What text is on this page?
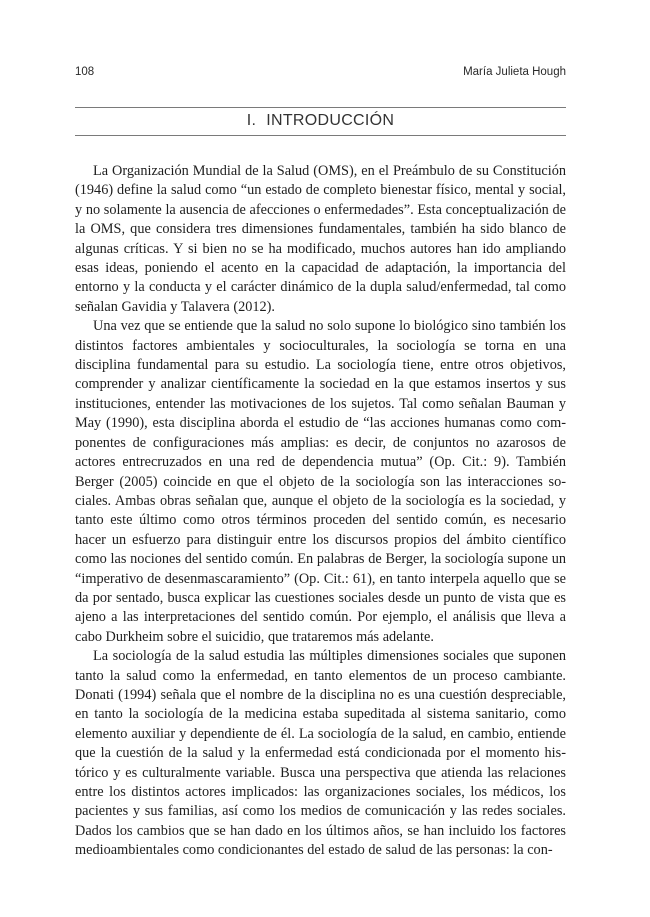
108	María Julieta Hough
I. INTRODUCCIÓN

La Organización Mundial de la Salud (OMS), en el Preámbulo de su Constitución (1946) define la salud como “un estado de completo bienestar físico, mental y social, y no solamente la ausencia de afecciones o enfermedades”. Esta conceptualización de la OMS, que considera tres dimensiones fundamentales, también ha sido blanco de algunas críticas. Y si bien no se ha modificado, muchos autores han ido ampliando esas ideas, poniendo el acento en la capacidad de adaptación, la importancia del entorno y la conducta y el carácter dinámico de la dupla salud/enfermedad, tal como señalan Gavidia y Talavera (2012).

Una vez que se entiende que la salud no solo supone lo biológico sino también los distintos factores ambientales y socioculturales, la sociología se torna en una disciplina fundamental para su estudio. La sociología tiene, entre otros objetivos, comprender y analizar científicamente la sociedad en la que estamos insertos y sus instituciones, entender las motivaciones de los sujetos. Tal como señalan Bauman y May (1990), esta disciplina aborda el estudio de “las acciones humanas como componentes de configuraciones más amplias: es decir, de conjuntos no azarosos de actores entrecruzados en una red de dependencia mutua” (Op. Cit.: 9). También Berger (2005) coincide en que el objeto de la sociología son las interacciones sociales. Ambas obras señalan que, aunque el objeto de la sociología es la sociedad, y tanto este último como otros términos proceden del sentido común, es necesario hacer un esfuerzo para distinguir entre los discursos propios del ámbito científico como las nociones del sentido común. En palabras de Berger, la sociología supone un “imperativo de desenmascaramiento” (Op. Cit.: 61), en tanto interpela aquello que se da por sentado, busca explicar las cuestiones sociales desde un punto de vista que es ajeno a las interpretaciones del sentido común. Por ejemplo, el análisis que lleva a cabo Durkheim sobre el suicidio, que trataremos más adelante.

La sociología de la salud estudia las múltiples dimensiones sociales que suponen tanto la salud como la enfermedad, en tanto elementos de un proceso cambiante. Donati (1994) señala que el nombre de la disciplina no es una cuestión despreciable, en tanto la sociología de la medicina estaba supeditada al sistema sanitario, como elemento auxiliar y dependiente de él. La sociología de la salud, en cambio, entiende que la cuestión de la salud y la enfermedad está condicionada por el momento histórico y es culturalmente variable. Busca una perspectiva que atienda las relaciones entre los distintos actores implicados: las organizaciones sociales, los médicos, los pacientes y sus familias, así como los medios de comunicación y las redes sociales. Dados los cambios que se han dado en los últimos años, se han incluido los factores medioambientales como condicionantes del estado de salud de las personas: la con-
